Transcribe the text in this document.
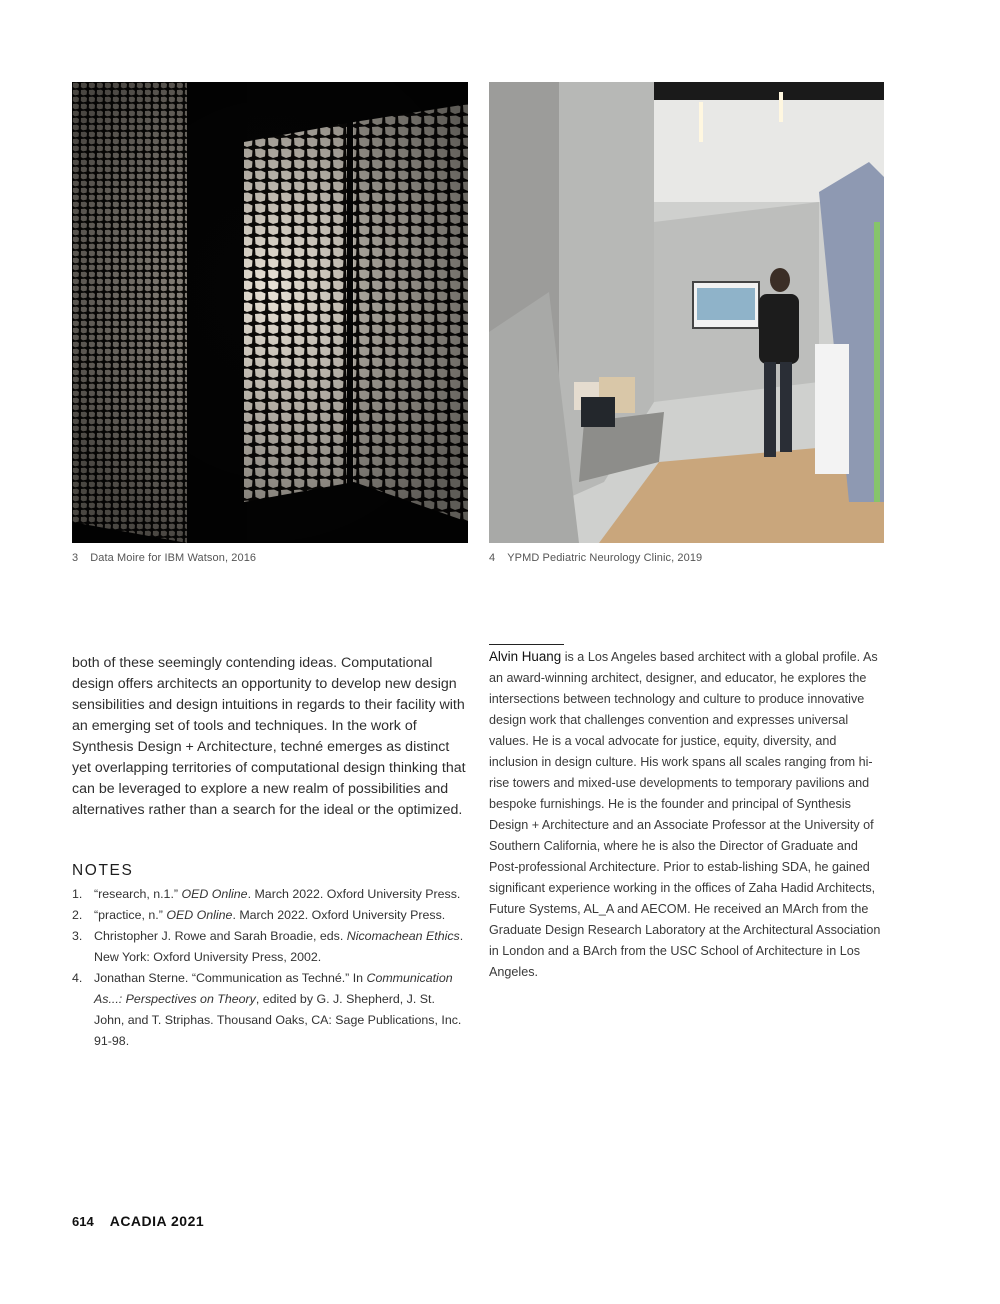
3 Data Moire for IBM Watson, 2016	4 YPMD Pediatric Neurology Clinic, 2019
both of these seemingly contending ideas. Computational design offers architects an opportunity to develop new design sensibilities and design intuitions in regards to their facility with an emerging set of tools and techniques. In the work of Synthesis Design + Architecture, techné emerges as distinct yet overlapping territories of computational design thinking that can be leveraged to explore a new realm of possibilities and alternatives rather than a search for the ideal or the optimized.
NOTES
1. “research, n.1.” OED Online. March 2022. Oxford University Press.
2. “practice, n.” OED Online. March 2022. Oxford University Press.
3. Christopher J. Rowe and Sarah Broadie, eds. Nicomachean Ethics. New York: Oxford University Press, 2002.
4. Jonathan Sterne. “Communication as Techné.” In Communication As...: Perspectives on Theory, edited by G. J. Shepherd, J. St. John, and T. Striphas. Thousand Oaks, CA: Sage Publications, Inc. 91-98.
Alvin Huang is a Los Angeles based architect with a global profile. As an award-winning architect, designer, and educator, he explores the intersections between technology and culture to produce innovative design work that challenges convention and expresses universal values. He is a vocal advocate for justice, equity, diversity, and inclusion in design culture. His work spans all scales ranging from hi-rise towers and mixed-use developments to temporary pavilions and bespoke furnishings. He is the founder and principal of Synthesis Design + Architecture and an Associate Professor at the University of Southern California, where he is also the Director of Graduate and Post-professional Architecture. Prior to estab-lishing SDA, he gained significant experience working in the offices of Zaha Hadid Architects, Future Systems, AL_A and AECOM. He received an MArch from the Graduate Design Research Laboratory at the Architectural Association in London and a BArch from the USC School of Architecture in Los Angeles.
614 ACADIA 2021
